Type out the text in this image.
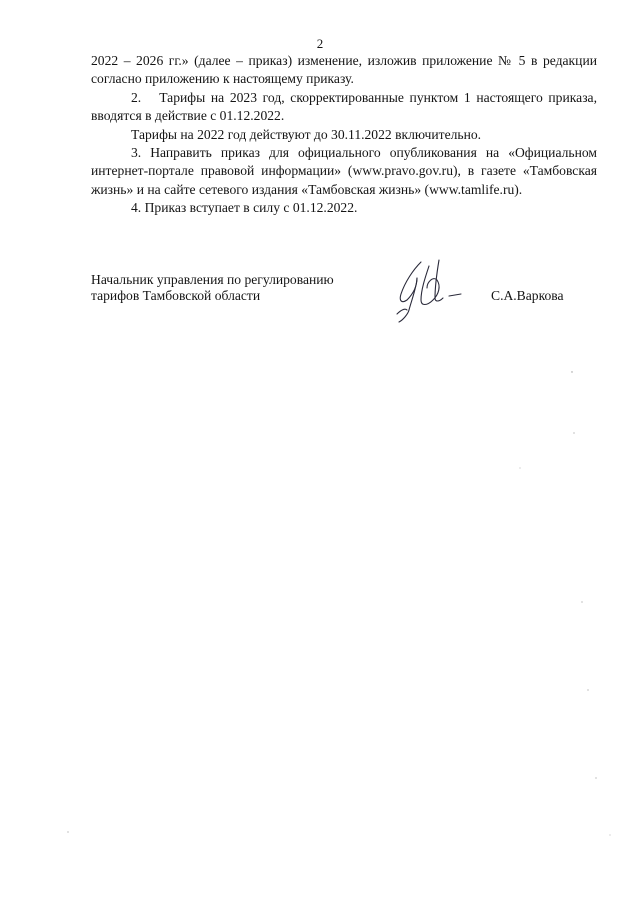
2

2022 – 2026 гг.» (далее – приказ) изменение, изложив приложение № 5 в редакции согласно приложению к настоящему приказу.

2. Тарифы на 2023 год, скорректированные пунктом 1 настоящего приказа, вводятся в действие с 01.12.2022.

Тарифы на 2022 год действуют до 30.11.2022 включительно.

3. Направить приказ для официального опубликования на «Официальном интернет-портале правовой информации» (www.pravo.gov.ru), в газете «Тамбовская жизнь» и на сайте сетевого издания «Тамбовская жизнь» (www.tamlife.ru).

4. Приказ вступает в силу с 01.12.2022.

Начальник управления по регулированию
тарифов Тамбовской области	С.А.Варкова
